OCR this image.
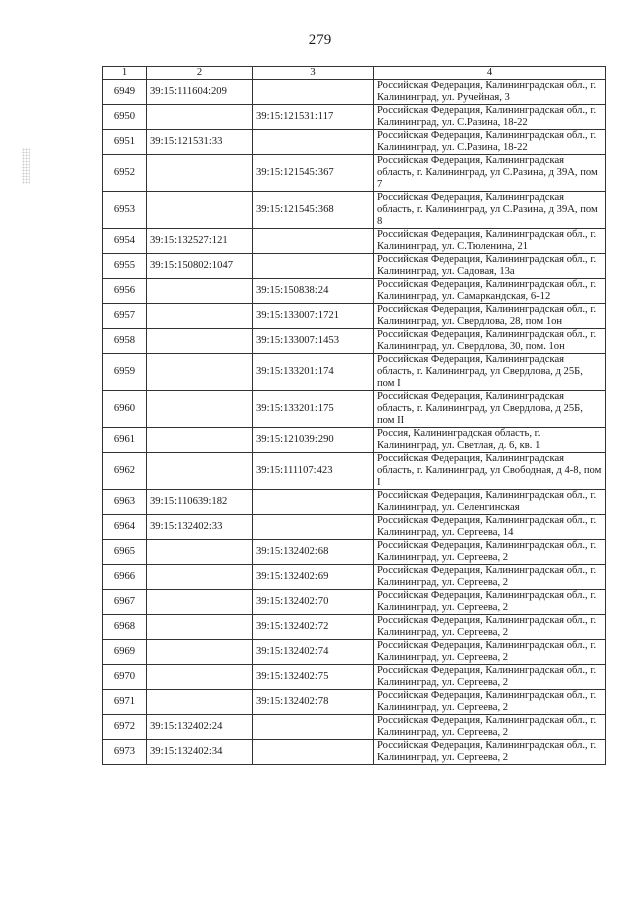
279
1	2	3	4
6949	39:15:111604:209		Российская Федерация, Калининградская обл., г. Калининград, ул. Ручейная, 3
6950		39:15:121531:117	Российская Федерация, Калининградская обл., г. Калининград, ул. С.Разина, 18-22
6951	39:15:121531:33		Российская Федерация, Калининградская обл., г. Калининград, ул. С.Разина, 18-22
6952		39:15:121545:367	Российская Федерация, Калининградская область, г. Калининград, ул С.Разина, д 39А, пом 7
6953		39:15:121545:368	Российская Федерация, Калининградская область, г. Калининград, ул С.Разина, д 39А, пом 8
6954	39:15:132527:121		Российская Федерация, Калининградская обл., г. Калининград, ул. С.Тюленина, 21
6955	39:15:150802:1047		Российская Федерация, Калининградская обл., г. Калининград, ул. Садовая, 13а
6956		39:15:150838:24	Российская Федерация, Калининградская обл., г. Калининград, ул. Самаркандская, 6-12
6957		39:15:133007:1721	Российская Федерация, Калининградская обл., г. Калининград, ул. Свердлова, 28, пом 1он
6958		39:15:133007:1453	Российская Федерация, Калининградская обл., г. Калининград, ул. Свердлова, 30, пом. 1он
6959		39:15:133201:174	Российская Федерация, Калининградская область, г. Калининград, ул Свердлова, д 25Б, пом I
6960		39:15:133201:175	Российская Федерация, Калининградская область, г. Калининград, ул Свердлова, д 25Б, пом II
6961		39:15:121039:290	Россия, Калининградская область, г. Калининград, ул. Светлая, д. 6, кв. 1
6962		39:15:111107:423	Российская Федерация, Калининградская область, г. Калининград, ул Свободная, д 4-8, пом I
6963	39:15:110639:182		Российская Федерация, Калининградская обл., г. Калининград, ул. Селенгинская
6964	39:15:132402:33		Российская Федерация, Калининградская обл., г. Калининград, ул. Сергеева, 14
6965		39:15:132402:68	Российская Федерация, Калининградская обл., г. Калининград, ул. Сергеева, 2
6966		39:15:132402:69	Российская Федерация, Калининградская обл., г. Калининград, ул. Сергеева, 2
6967		39:15:132402:70	Российская Федерация, Калининградская обл., г. Калининград, ул. Сергеева, 2
6968		39:15:132402:72	Российская Федерация, Калининградская обл., г. Калининград, ул. Сергеева, 2
6969		39:15:132402:74	Российская Федерация, Калининградская обл., г. Калининград, ул. Сергеева, 2
6970		39:15:132402:75	Российская Федерация, Калининградская обл., г. Калининград, ул. Сергеева, 2
6971		39:15:132402:78	Российская Федерация, Калининградская обл., г. Калининград, ул. Сергеева, 2
6972	39:15:132402:24		Российская Федерация, Калининградская обл., г. Калининград, ул. Сергеева, 2
6973	39:15:132402:34		Российская Федерация, Калининградская обл., г. Калининград, ул. Сергеева, 2
